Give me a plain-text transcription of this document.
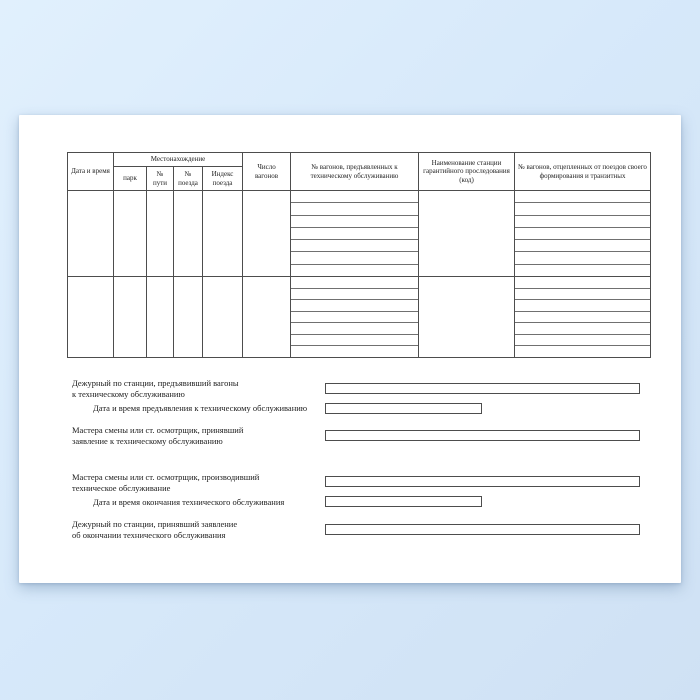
Дата и время	Местонахождение				Число вагонов	№ вагонов, предъявленных к техническому обслуживанию	Наименование станции гарантийного проследования (код)	№ вагонов, отцепленных от поездов своего формирования и транзитных
	парк	№ пути	№ поезда	Индекс поезда				

Дежурный по станции, предъявивший вагоны
к техническому обслуживанию
Дата и время предъявления к техническому обслуживанию
Мастера смены или ст. осмотрщик, принявший
заявление к техническому обслуживанию
Мастера смены или ст. осмотрщик, производивший
техническое обслуживание
Дата и время окончания технического обслуживания
Дежурный по станции, принявший заявление
об окончании технического обслуживания
